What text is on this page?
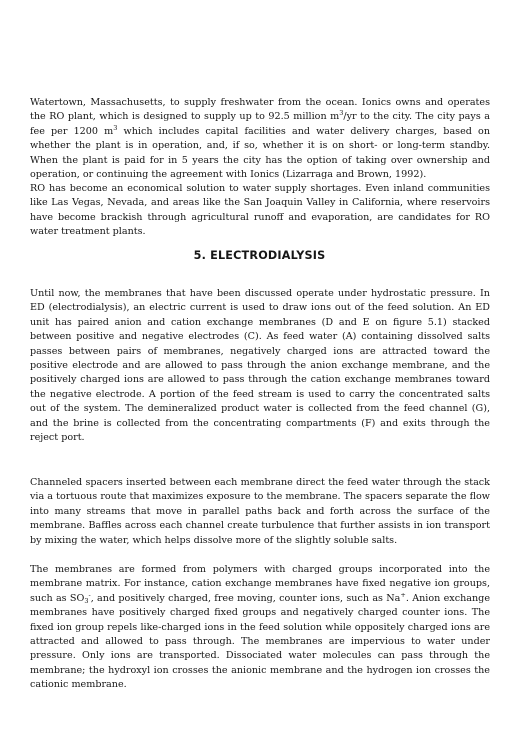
Watertown, Massachusetts, to supply freshwater from the ocean. Ionics owns and operates the RO plant, which is designed to supply up to 92.5 million $m^3/yr$ to the city. The city pays a fee per 1200 $m^3$ which includes capital facilities and water delivery charges, based on whether the plant is in operation, and, if so, whether it is on short- or long-term standby. When the plant is paid for in 5 years the city has the option of taking over ownership and operation, or continuing the agreement with Ionics (Lizarraga and Brown, 1992).

RO has become an economical solution to water supply shortages. Even inland communities like Las Vegas, Nevada, and areas like the San Joaquin Valley in California, where reservoirs have become brackish through agricultural runoff and evaporation, are candidates for RO water treatment plants.

5. ELECTRODIALYSIS

Until now, the membranes that have been discussed operate under hydrostatic pressure. In ED (electrodialysis), an electric current is used to draw ions out of the feed solution. An ED unit has paired anion and cation exchange membranes (D and E on figure 5.1) stacked between positive and negative electrodes (C). As feed water (A) containing dissolved salts passes between pairs of membranes, negatively charged ions are attracted toward the positive electrode and are allowed to pass through the anion exchange membrane, and the positively charged ions are allowed to pass through the cation exchange membranes toward the negative electrode. A portion of the feed stream is used to carry the concentrated salts out of the system. The demineralized product water is collected from the feed channel (G), and the brine is collected from the concentrating compartments (F) and exits through the reject port.

Channeled spacers inserted between each membrane direct the feed water through the stack via a tortuous route that maximizes exposure to the membrane. The spacers separate the flow into many streams that move in parallel paths back and forth across the surface of the membrane. Baffles across each channel create turbulence that further assists in ion transport by mixing the water, which helps dissolve more of the slightly soluble salts.

The membranes are formed from polymers with charged groups incorporated into the membrane matrix. For instance, cation exchange membranes have fixed negative ion groups, such as $SO_3^-$, and positively charged, free moving, counter ions, such as Na+. Anion exchange membranes have positively charged fixed groups and negatively charged counter ions. The fixed ion group repels like-charged ions in the feed solution while oppositely charged ions are attracted and allowed to pass through. The membranes are impervious to water under pressure. Only ions are transported. Dissociated water molecules can pass through the membrane; the hydroxyl ion crosses the anionic membrane and the hydrogen ion crosses the cationic membrane.
